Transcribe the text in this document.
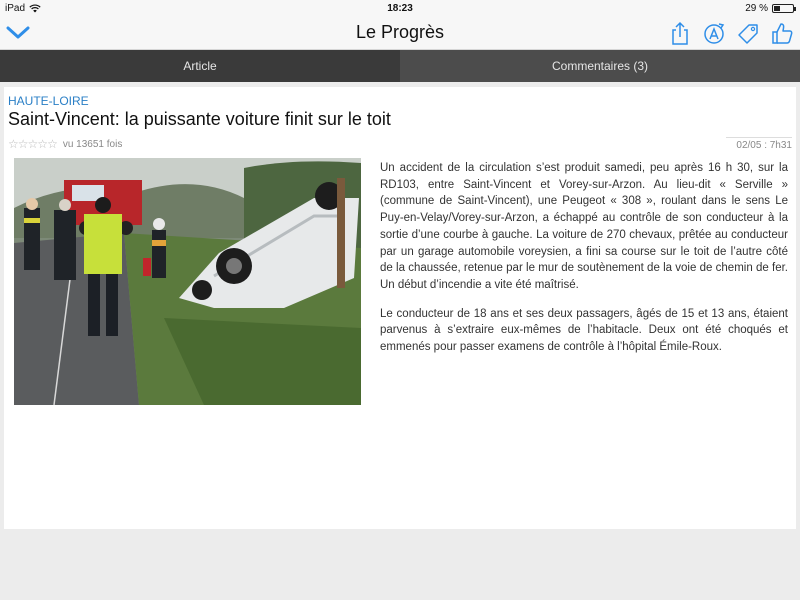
iPad	18:23	29 %
Le Progrès
Article	Commentaires (3)
HAUTE-LOIRE
Saint-Vincent: la puissante voiture finit sur le toit
☆☆☆☆☆ vu 13651 fois	02/05 : 7h31

Un accident de la circulation s’est produit samedi, peu après 16 h 30, sur la RD103, entre Saint-Vincent et Vorey-sur-Arzon. Au lieu-dit « Serville » (commune de Saint-Vincent), une Peugeot « 308 », roulant dans le sens Le Puy-en-Velay/Vorey-sur-Arzon, a échappé au contrôle de son conducteur à la sortie d’une courbe à gauche. La voiture de 270 chevaux, prêtée au conducteur par un garage automobile voreysien, a fini sa course sur le toit de l’autre côté de la chaussée, retenue par le mur de soutènement de la voie de chemin de fer. Un début d’incendie a vite été maîtrisé.

Le conducteur de 18 ans et ses deux passagers, âgés de 15 et 13 ans, étaient parvenus à s’extraire eux-mêmes de l’habitacle. Deux ont été choqués et emmenés pour passer examens de contrôle à l’hôpital Émile-Roux.
